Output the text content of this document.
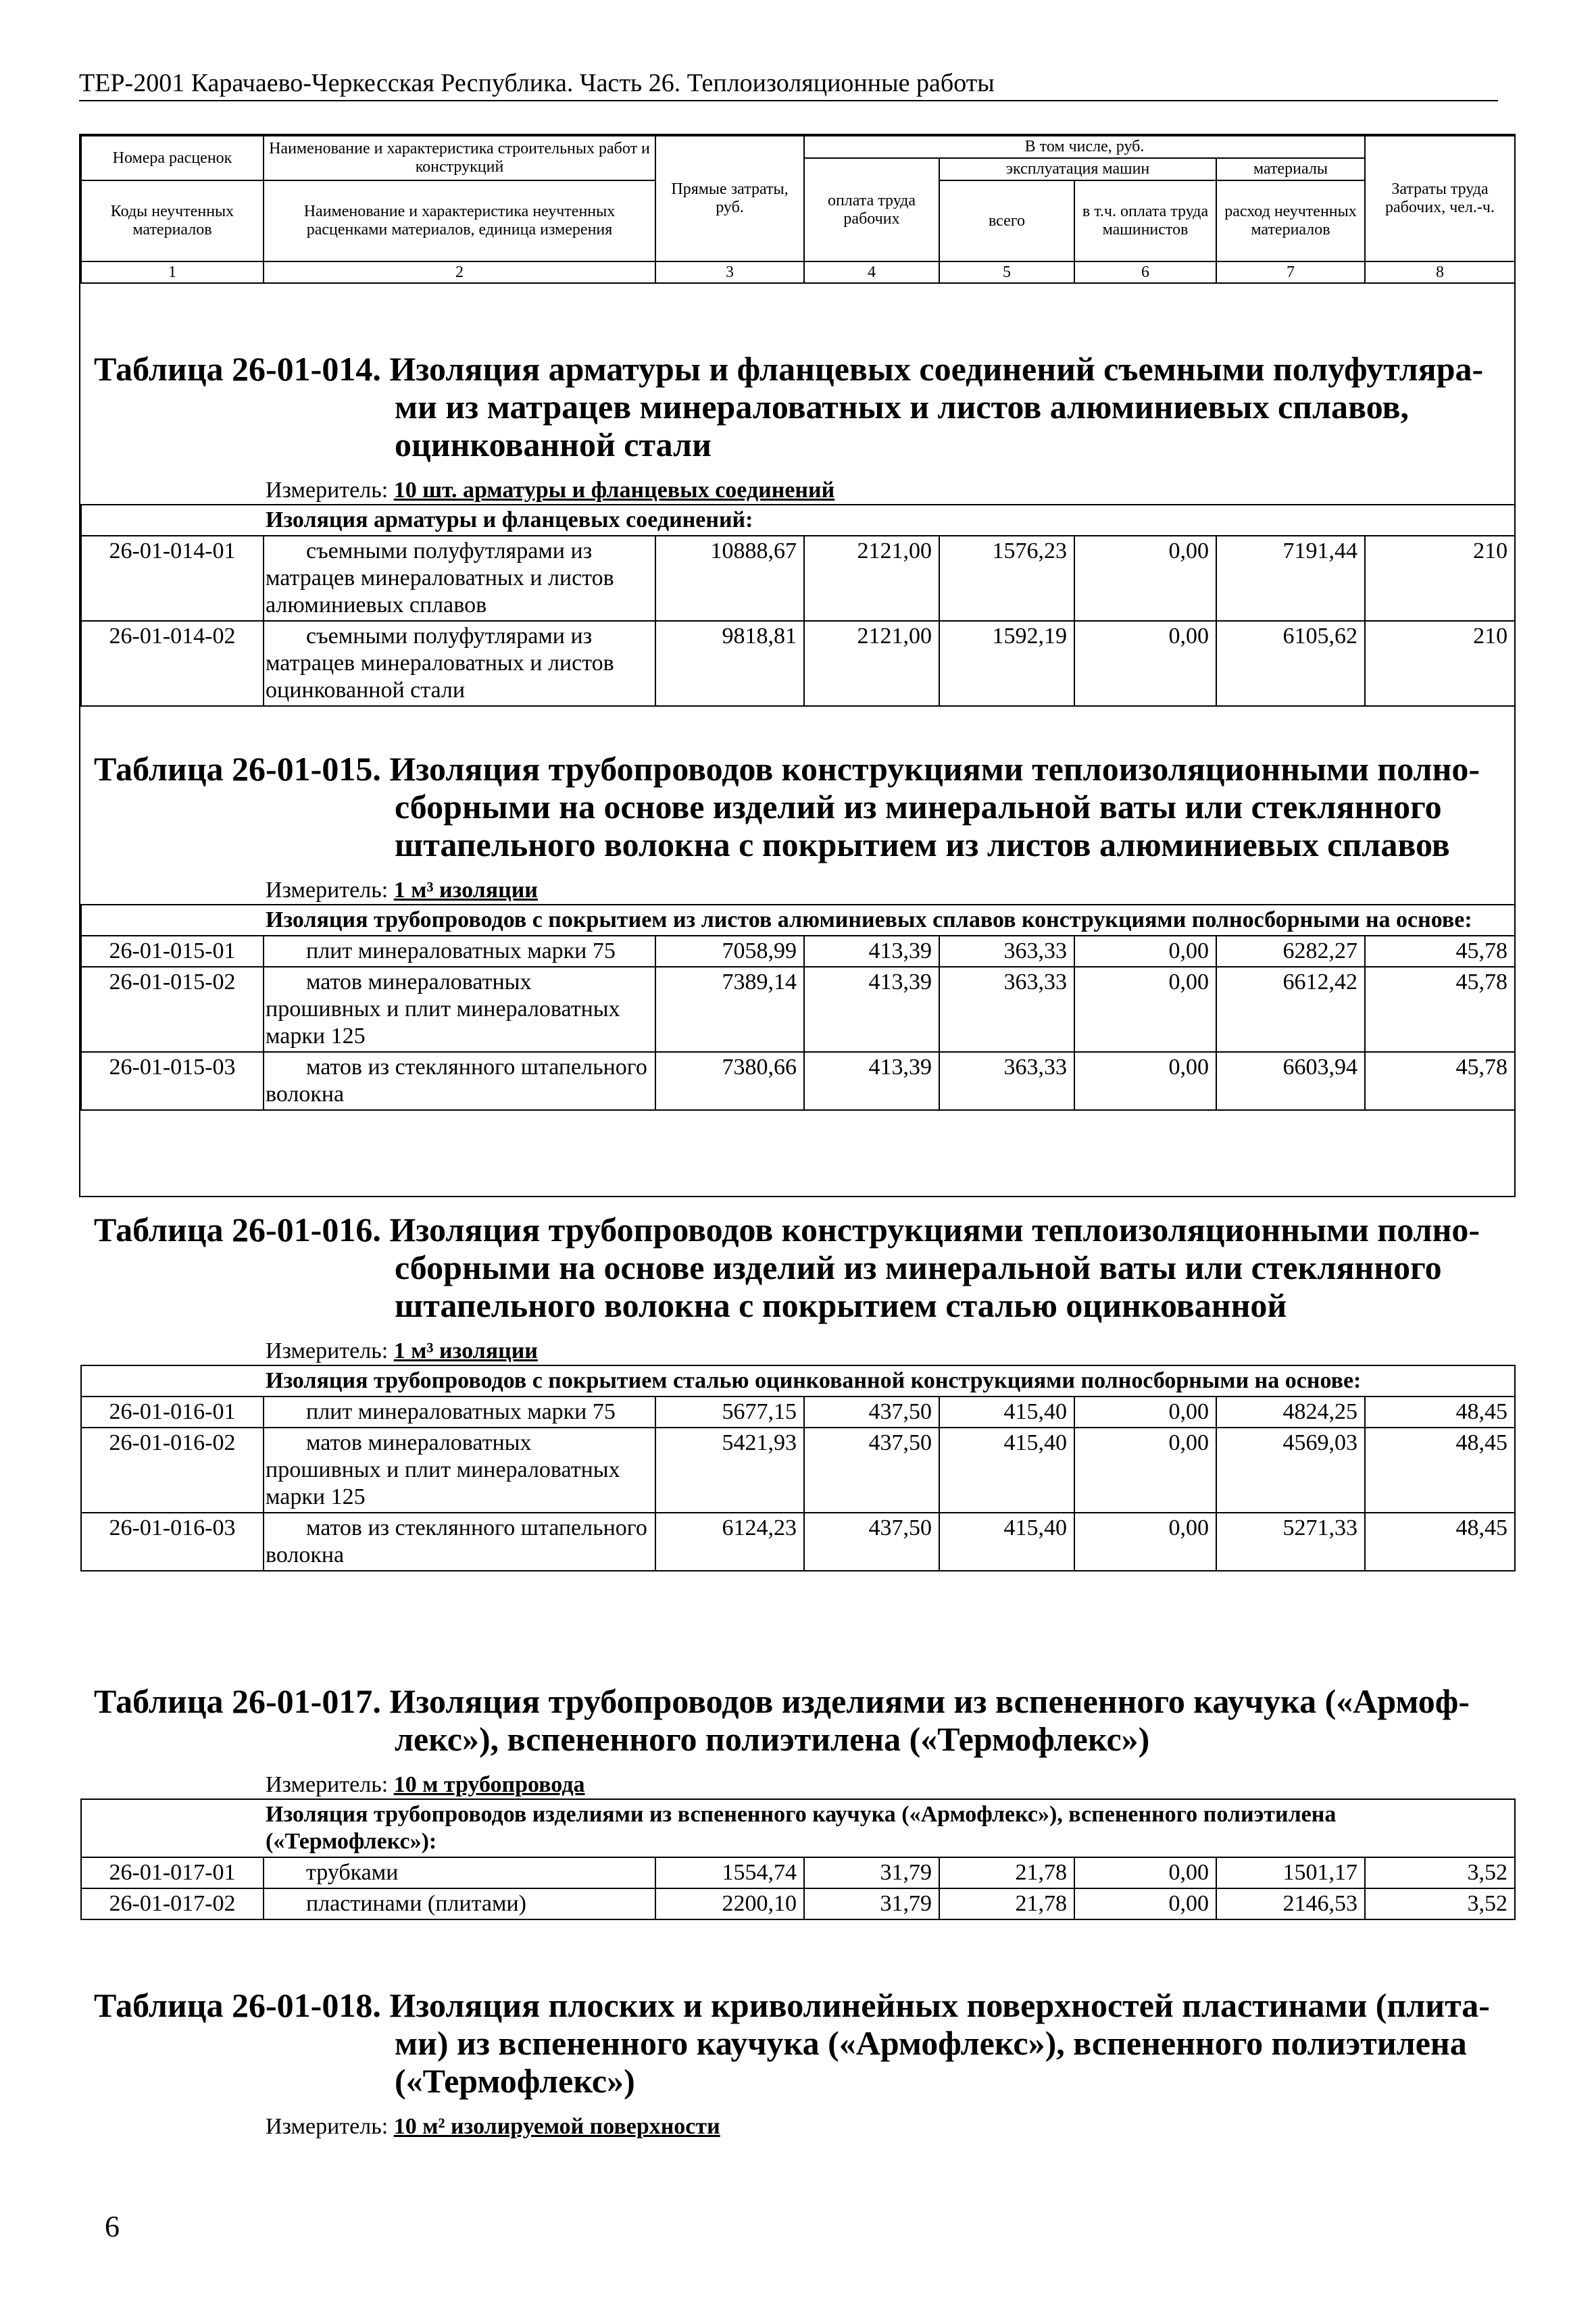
ТЕР-2001 Карачаево-Черкесская Республика. Часть 26. Теплоизоляционные работы
Номера расценок	Наименование и характеристика строительных работ и конструкций	Прямые затраты, руб.	В том числе, руб.				Затраты труда рабочих, чел.-ч.
			оплата труда рабочих	эксплуатация машин		материалы	
Коды неучтенных материалов	Наименование и характеристика неучтенных расценками материалов, единица измерения			всего	в т.ч. оплата труда машинистов	расход неучтенных материалов	

1	2	3	4	5	6	7	8
Таблица 26-01-014. Изоляция арматуры и фланцевых соединений съемными полуфутляра-
ми из матрацев минераловатных и листов алюминиевых сплавов,
оцинкованной стали
Измеритель: 10 шт. арматуры и фланцевых соединений
Изоляция арматуры и фланцевых соединений:							
26-01-014-01	съемными полуфутлярами из матрацев минераловатных и листов алюминиевых сплавов	10888,67	2121,00	1576,23	0,00	7191,44	210
26-01-014-02	съемными полуфутлярами из матрацев минераловатных и листов оцинкованной стали	9818,81	2121,00	1592,19	0,00	6105,62	210
Таблица 26-01-015. Изоляция трубопроводов конструкциями теплоизоляционными полно-
сборными на основе изделий из минеральной ваты или стеклянного
штапельного волокна с покрытием из листов алюминиевых сплавов
Измеритель: 1 м³ изоляции
Изоляция трубопроводов с покрытием из листов алюминиевых сплавов конструкциями полносборными на основе:							
26-01-015-01	плит минераловатных марки 75	7058,99	413,39	363,33	0,00	6282,27	45,78
26-01-015-02	матов минераловатных прошивных и плит минераловатных марки 125	7389,14	413,39	363,33	0,00	6612,42	45,78
26-01-015-03	матов из стеклянного штапельного волокна	7380,66	413,39	363,33	0,00	6603,94	45,78
Таблица 26-01-016. Изоляция трубопроводов конструкциями теплоизоляционными полно-
сборными на основе изделий из минеральной ваты или стеклянного
штапельного волокна с покрытием сталью оцинкованной
Измеритель: 1 м³ изоляции
Изоляция трубопроводов с покрытием сталью оцинкованной конструкциями полносборными на основе:							
26-01-016-01	плит минераловатных марки 75	5677,15	437,50	415,40	0,00	4824,25	48,45
26-01-016-02	матов минераловатных прошивных и плит минераловатных марки 125	5421,93	437,50	415,40	0,00	4569,03	48,45
26-01-016-03	матов из стеклянного штапельного волокна	6124,23	437,50	415,40	0,00	5271,33	48,45
Таблица 26-01-017. Изоляция трубопроводов изделиями из вспененного каучука («Армоф-
лекс»), вспененного полиэтилена («Термофлекс»)
Измеритель: 10 м трубопровода
Изоляция трубопроводов изделиями из вспененного каучука («Армофлекс»), вспененного полиэтилена («Термофлекс»):							
26-01-017-01	трубками	1554,74	31,79	21,78	0,00	1501,17	3,52
26-01-017-02	пластинами (плитами)	2200,10	31,79	21,78	0,00	2146,53	3,52
Таблица 26-01-018. Изоляция плоских и криволинейных поверхностей пластинами (плита-
ми) из вспененного каучука («Армофлекс»), вспененного полиэтилена
(«Термофлекс»)
Измеритель: 10 м² изолируемой поверхности
6
